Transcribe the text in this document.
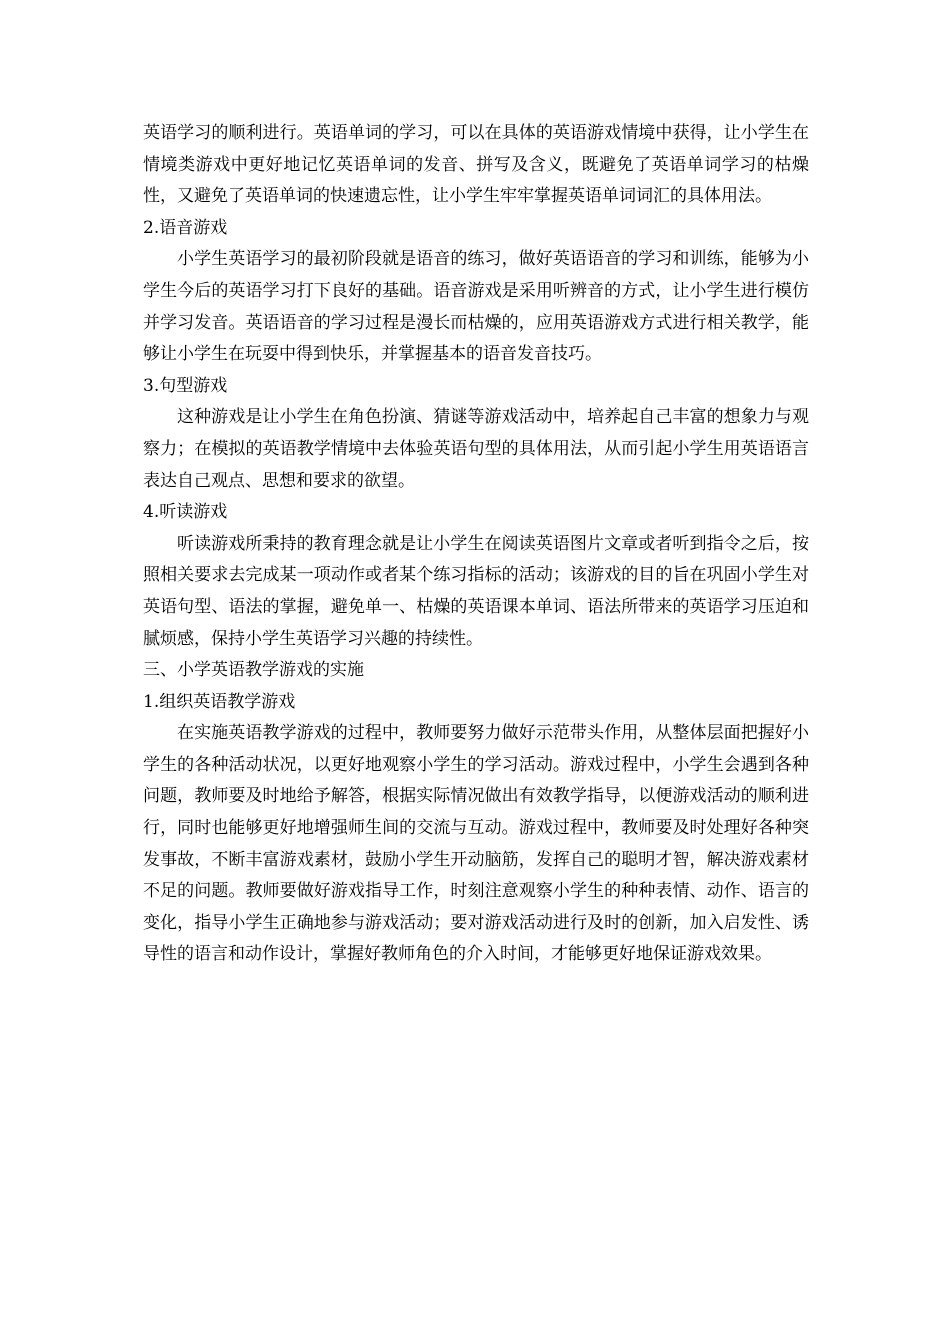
英语学习的顺利进行。英语单词的学习，可以在具体的英语游戏情境中获得，让小学生在情境类游戏中更好地记忆英语单词的发音、拼写及含义，既避免了英语单词学习的枯燥性，又避免了英语单词的快速遗忘性，让小学生牢牢掌握英语单词词汇的具体用法。

2.语音游戏

小学生英语学习的最初阶段就是语音的练习，做好英语语音的学习和训练，能够为小学生今后的英语学习打下良好的基础。语音游戏是采用听辨音的方式，让小学生进行模仿并学习发音。英语语音的学习过程是漫长而枯燥的，应用英语游戏方式进行相关教学，能够让小学生在玩耍中得到快乐，并掌握基本的语音发音技巧。

3.句型游戏

这种游戏是让小学生在角色扮演、猜谜等游戏活动中，培养起自己丰富的想象力与观察力；在模拟的英语教学情境中去体验英语句型的具体用法，从而引起小学生用英语语言表达自己观点、思想和要求的欲望。

4.听读游戏

听读游戏所秉持的教育理念就是让小学生在阅读英语图片文章或者听到指令之后，按照相关要求去完成某一项动作或者某个练习指标的活动；该游戏的目的旨在巩固小学生对英语句型、语法的掌握，避免单一、枯燥的英语课本单词、语法所带来的英语学习压迫和腻烦感，保持小学生英语学习兴趣的持续性。

三、小学英语教学游戏的实施

1.组织英语教学游戏

在实施英语教学游戏的过程中，教师要努力做好示范带头作用，从整体层面把握好小学生的各种活动状况，以更好地观察小学生的学习活动。游戏过程中，小学生会遇到各种问题，教师要及时地给予解答，根据实际情况做出有效教学指导，以便游戏活动的顺利进行，同时也能够更好地增强师生间的交流与互动。游戏过程中，教师要及时处理好各种突发事故，不断丰富游戏素材，鼓励小学生开动脑筋，发挥自己的聪明才智，解决游戏素材不足的问题。教师要做好游戏指导工作，时刻注意观察小学生的种种表情、动作、语言的变化，指导小学生正确地参与游戏活动；要对游戏活动进行及时的创新，加入启发性、诱导性的语言和动作设计，掌握好教师角色的介入时间，才能够更好地保证游戏效果。
